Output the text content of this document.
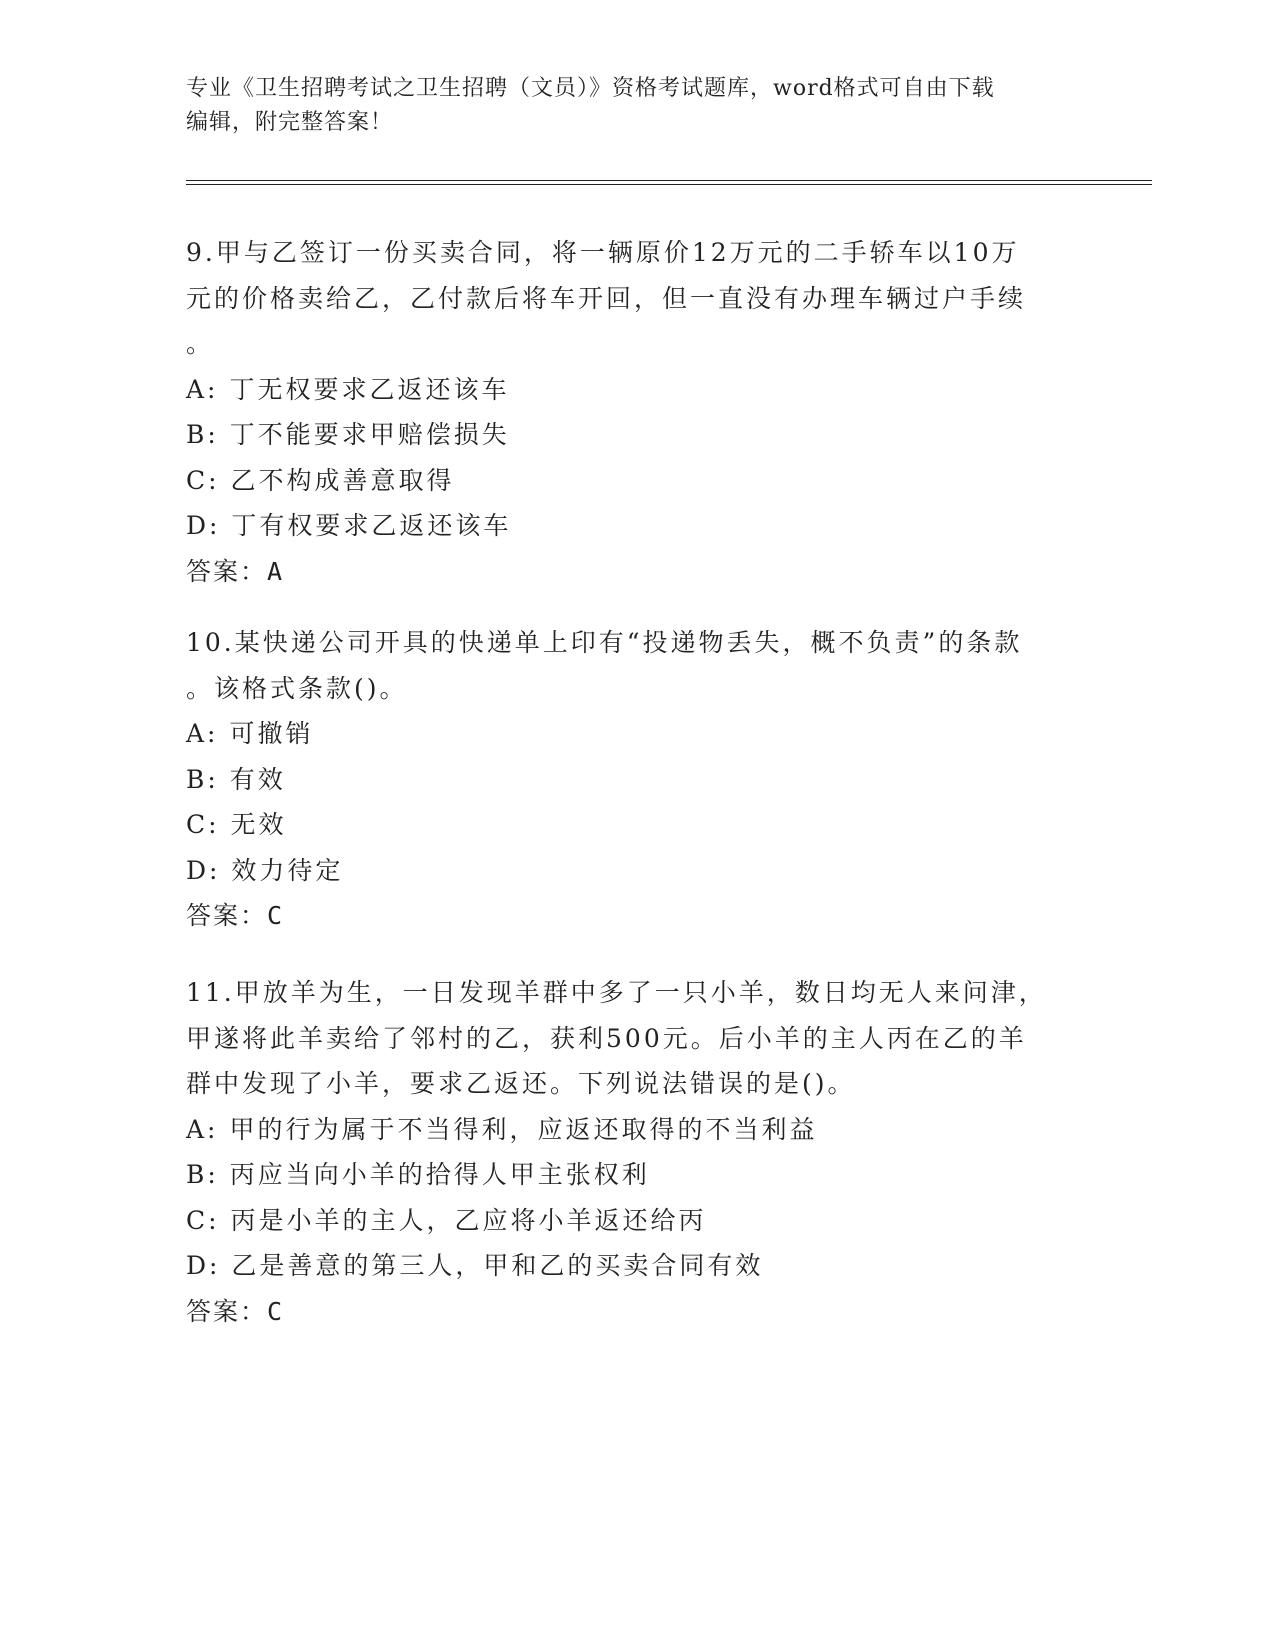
专业《卫生招聘考试之卫生招聘（文员）》资格考试题库，word格式可自由下载
编辑，附完整答案！
9.甲与乙签订一份买卖合同，将一辆原价12万元的二手轿车以10万
元的价格卖给乙，乙付款后将车开回，但一直没有办理车辆过户手续
。
A: 丁无权要求乙返还该车
B: 丁不能要求甲赔偿损失
C: 乙不构成善意取得
D: 丁有权要求乙返还该车
答案：A
10.某快递公司开具的快递单上印有“投递物丢失，概不负责”的条款
。该格式条款()。
A: 可撤销
B: 有效
C: 无效
D: 效力待定
答案：C
11.甲放羊为生，一日发现羊群中多了一只小羊，数日均无人来问津，
甲遂将此羊卖给了邻村的乙，获利500元。后小羊的主人丙在乙的羊
群中发现了小羊，要求乙返还。下列说法错误的是()。
A: 甲的行为属于不当得利，应返还取得的不当利益
B: 丙应当向小羊的拾得人甲主张权利
C: 丙是小羊的主人，乙应将小羊返还给丙
D: 乙是善意的第三人，甲和乙的买卖合同有效
答案：C
